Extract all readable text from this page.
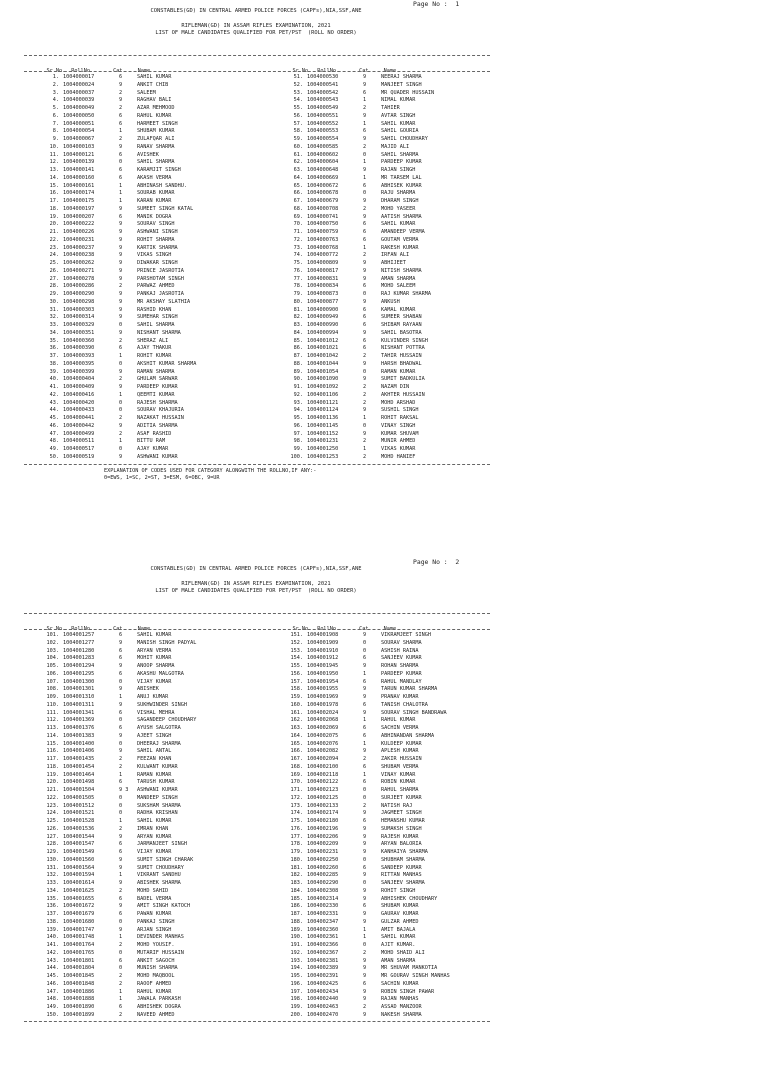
Page No :  1
CONSTABLES(GD) IN CENTRAL ARMED POLICE FORCES (CAPFs),NIA,SSF,ANE
RIFLEMAN(GD) IN ASSAM RIFLES EXAMINATION, 2021
LIST OF MALE CANDIDATES QUALIFIED FOR PET/PST  (ROLL NO ORDER)

Sr.No. RollNo.	Cat. Name
	Sr.No. RollNo.	Cat. Name

1. 1004000017	6	SAHIL KUMAR
2. 1004000024	9	ANKIT CHIB
3. 1004000037	2	SALEEM
4. 1004000039	9	RAGHAV BALI
5. 1004000049	2	AZAR MEHMOOD
6. 1004000050	6	RAHUL KUMAR
7. 1004000051	6	HARMEET SINGH
8. 1004000054	1	SHUBAM KUMAR
9. 1004000067	2	ZULAFQAR ALI
10. 1004000103	9	RANAV SHARMA
11. 1004000121	6	AVISHEK
12. 1004000139	0	SAHIL SHARMA
13. 1004000141	6	KARAMJIT SINGH
14. 1004000160	6	AKASH VERMA
15. 1004000161	1	ABHINASH SANDHU.
16. 1004000174	1	SOURAB KUMAR
17. 1004000175	1	KARAN KUMAR
18. 1004000197	9	SUMEET SINGH KATAL
19. 1004000207	6	MANIK DOGRA
20. 1004000222	9	SOURAV SINGH
21. 1004000226	9	ASHWANI SINGH
22. 1004000231	9	ROHIT SHARMA
23. 1004000237	9	KARTIK SHARMA
24. 1004000238	9	VIKAS SINGH
25. 1004000262	9	DIWAKAR SINGH
26. 1004000271	9	PRINCE JASROTIA
27. 1004000278	9	PARSHOTAM SINGH
28. 1004000286	2	PARWAZ AHMED
29. 1004000290	9	PANKAJ JASROTIA
30. 1004000298	9	MR AKSHAY SLATHIA
31. 1004000303	9	RASHID KHAN
32. 1004000314	9	SUMEHAR SINGH
33. 1004000329	0	SAHIL SHARMA
34. 1004000351	9	NISHANT SHARMA
35. 1004000360	2	SHERAZ ALI
36. 1004000390	6	AJAY THAKUR
37. 1004000393	1	ROHIT KUMAR
38. 1004000395	0	AKSHIT KUMAR SHARMA
39. 1004000399	9	RAMAN SHARMA
40. 1004000404	2	GHULAM SARWAR
41. 1004000409	9	PARDEEP KUMAR
42. 1004000416	1	QEEMTI KUMAR
43. 1004000420	0	RAJESH SHARMA
44. 1004000433	0	SOURAV KHAJURIA
45. 1004000441	2	NAZAKAT HUSSAIN
46. 1004000442	9	ADITIA SHARMA
47. 1004000499	2	ASAF RASHID
48. 1004000511	1	BITTU RAM
49. 1004000517	0	AJAY KUMAR
50. 1004000519	9	ASHWANI KUMAR
51. 1004000530	9	NEERAJ SHARMA
52. 1004000541	9	MANJEET SINGH
53. 1004000542	6	MR QUADER HUSSAIN
54. 1004000543	1	NIMAL KUMAR
55. 1004000549	2	TAHIER
56. 1004000551	9	AVTAR SINGH
57. 1004000552	1	SAHIL KUMAR
58. 1004000553	6	SAHIL GOURIA
59. 1004000554	9	SAHIL CHOUDHARY
60. 1004000585	2	MAJID ALI
61. 1004000602	0	SAHIL SHARMA
62. 1004000604	1	PARDEEP KUMAR
63. 1004000648	9	RAJAN SINGH
64. 1004000669	1	MR TARSEM LAL
65. 1004000672	6	ABHISEK KUMAR
66. 1004000678	0	RAJU SHARMA
67. 1004000679	9	DHARAM SINGH
68. 1004000708	2	MOHD YASEER
69. 1004000741	9	AATISH SHARMA
70. 1004000750	6	SAHIL KUMAR
71. 1004000759	6	AMANDEEP VERMA
72. 1004000763	6	GOUTAM VERMA
73. 1004000768	1	RAKESH KUMAR
74. 1004000772	2	IRFAN ALI
75. 1004000809	9	ABHIJEET
76. 1004000817	9	NITISH SHARMA
77. 1004000831	9	AMAN SHARMA
78. 1004000834	6	MOHD SALEEM
79. 1004000873	0	RAJ KUMAR SHARMA
80. 1004000877	9	ANKUSH
81. 1004000900	6	KAMAL KUMAR
82. 1004000949	6	SUMEER SHABAN
83. 1004000990	6	SHIBAM RAYAAN
84. 1004000994	9	SAHIL BASOTRA
85. 1004001012	6	KULVINDER SINGH
86. 1004001021	6	NISHANT POTTRA
87. 1004001042	2	TAHIR HUSSAIN
88. 1004001044	9	HARSH BHADWAL
89. 1004001054	0	RAMAN KUMAR
90. 1004001090	9	SUMIT BADKULIA
91. 1004001092	2	NAZAM DIN
92. 1004001106	2	AKHTER HUSSAIN
93. 1004001121	2	MOHD ARSHAD
94. 1004001124	9	SUSHIL SINGH
95. 1004001136	1	ROHIT RAKSAL
96. 1004001145	0	VINAY SINGH
97. 1004001152	9	KUMAR SHUVAM
98. 1004001231	2	MUNIR AHMED
99. 1004001250	1	VIKAS KUMAR
100. 1004001253	2	MOHD HANIEF
EXPLANATION OF CODES USED FOR CATEGORY ALONGWITH THE ROLLNO,IF ANY:-
0=EWS, 1=SC, 2=ST, 3=ESM, 6=OBC, 9=UR
Page No :  2
CONSTABLES(GD) IN CENTRAL ARMED POLICE FORCES (CAPFs),NIA,SSF,ANE
RIFLEMAN(GD) IN ASSAM RIFLES EXAMINATION, 2021
LIST OF MALE CANDIDATES QUALIFIED FOR PET/PST  (ROLL NO ORDER)

Sr.No. RollNo.	Cat. Name
	Sr.No. RollNo.	Cat. Name

101. 1004001257	6	SAHIL KUMAR
102. 1004001277	9	MANISH SINGH PADYAL
103. 1004001280	6	ARYAN VERMA
104. 1004001283	6	MOHIT KUMAR
105. 1004001294	9	ANOOP SHARMA
106. 1004001295	6	AKASHU MALGOTRA
107. 1004001300	0	VIJAY KUMAR
108. 1004001301	9	ABISHEK
109. 1004001310	1	ANUJ KUMAR
110. 1004001311	9	SUKHWINDER SINGH
111. 1004001341	6	VISHAL MEHRA
112. 1004001369	0	SAGANDEEP CHOUDHARY
113. 1004001376	6	AYUSH SALGOTRA
114. 1004001383	9	AJEET SINGH
115. 1004001400	0	DHEERAJ SHARMA
116. 1004001406	9	SAHIL ANTAL
117. 1004001435	2	FEEZAN KHAN
118. 1004001454	2	KULWANT KUMAR
119. 1004001464	1	RAMAN KUMAR
120. 1004001498	6	TARUSH KUMAR
121. 1004001504	9 3 ASHWANI KUMAR
122. 1004001505	0	MANDEEP SINGH
123. 1004001512	0	SUKSHAM SHARMA
124. 1004001521	0	RADHA KRISHAN
125. 1004001528	1	SAHIL KUMAR
126. 1004001536	2	IMRAN KHAN
127. 1004001544	9	ARYAN KUMAR
128. 1004001547	6	JARMANJEET SINGH
129. 1004001549	6	VIJAY KUMAR
130. 1004001560	9	SUMIT SINGH CHARAK
131. 1004001564	9	SUMIT CHOUDHARY
132. 1004001594	1	VIKRANT SANDHU
133. 1004001614	9	ABISHEK SHARMA
134. 1004001625	2	MOHD SAHID
135. 1004001655	6	BADEL VERMA
136. 1004001672	9	AMIT SINGH KATOCH
137. 1004001679	6	PAWAN KUMAR
138. 1004001680	0	PANKAJ SINGH
139. 1004001747	9	ARJAN SINGH
140. 1004001748	1	DEVINDER MANHAS
141. 1004001764	2	MOHD YOUSIF.
142. 1004001765	0	MUTARIF HUSSAIN
143. 1004001801	6	ANKIT SAGOCH
144. 1004001804	0	MUNISH SHARMA
145. 1004001845	2	MOHD MAQBOOL
146. 1004001848	2	RAOOF AHMED
147. 1004001886	1	RAHUL KUMAR
148. 1004001888	1	JAWALA PARKASH
149. 1004001890	6	ABHISHEK DOGRA
150. 1004001899	2	NAVEED AHMED
151. 1004001908	9	VIKRAMJEET SINGH
152. 1004001909	0	SOURAV SHARMA
153. 1004001910	0	ASHISH RAINA
154. 1004001912	6	SANJEEV KUMAR
155. 1004001945	9	ROHAN SHARMA
156. 1004001950	1	PARDEEP KUMAR
157. 1004001954	6	RAHUL MANDLAY
158. 1004001955	9	TARUN KUMAR SHARMA
159. 1004001969	9	PRANAV KUMAR
160. 1004001978	6	TANISH CHALOTRA
161. 1004002024	9	SOURAV SINGH BANDRAWA
162. 1004002068	1	RAHUL KUMAR
163. 1004002069	6	SACHIN VERMA
164. 1004002075	6	ABHINANDAN SHARMA
165. 1004002076	1	KULDEEP KUMAR
166. 1004002082	9	APLESH KUMAR
167. 1004002094	2	ZAKIR HUSSAIN
168. 1004002100	6	SHUBAM VERMA
169. 1004002118	1	VINAY KUMAR
170. 1004002122	6	ROBIN KUMAR
171. 1004002123	0	RAHUL SHARMA
172. 1004002125	0	SURJEET KUMAR
173. 1004002133	2	NATISH RAJ
174. 1004002174	9	JAGMEET SINGH
175. 1004002180	6	HEMANSHU KUMAR
176. 1004002196	9	SUMAKSH SINGH
177. 1004002206	9	RAJESH KUMAR
178. 1004002209	9	ARYAN BALORIA
179. 1004002231	9	KANHAIYA SHARMA
180. 1004002250	0	SHUBHAM SHARMA
181. 1004002260	6	SANDEEP KUMAR
182. 1004002285	9	RITTAN MANHAS
183. 1004002290	0	SANJEEV SHARMA
184. 1004002308	9	ROHIT SINGH
185. 1004002314	9	ABHISHEK CHOUDHARY
186. 1004002330	6	SHUBAM KUMAR
187. 1004002331	9	GAURAV KUMAR
188. 1004002347	9	GULZAR AHMED
189. 1004002360	1	AMIT BAJALA
190. 1004002361	1	SAHIL KUMAR
191. 1004002366	0	AJIT KUMAR.
192. 1004002367	2	MOHD SHAID ALI
193. 1004002381	9	AMAN SHARMA
194. 1004002389	9	MR SHUVAM MANKOTIA
195. 1004002391	9	MR GOURAV SINGH MANHAS
196. 1004002425	6	SACHIN KUMAR
197. 1004002434	9	ROBIN SINGH PAWAR
198. 1004002440	9	RAJAN MANHAS
199. 1004002463	2	ASSAD MANZOOR
200. 1004002470	9	NAKESH SHARMA
